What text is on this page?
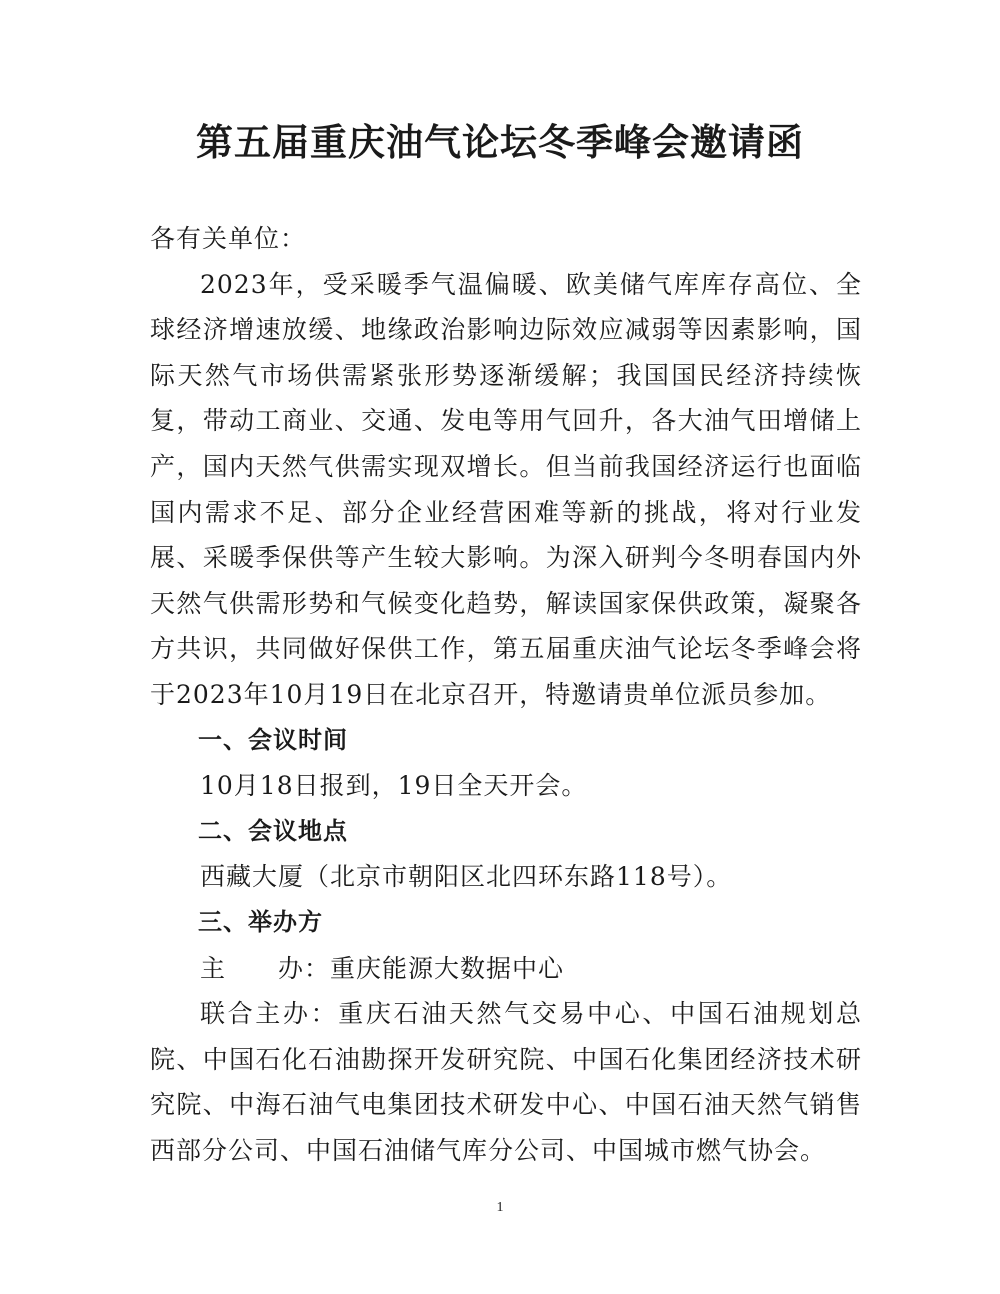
第五届重庆油气论坛冬季峰会邀请函

各有关单位：

2023年，受采暖季气温偏暖、欧美储气库库存高位、全球经济增速放缓、地缘政治影响边际效应减弱等因素影响，国际天然气市场供需紧张形势逐渐缓解；我国国民经济持续恢复，带动工商业、交通、发电等用气回升，各大油气田增储上产，国内天然气供需实现双增长。但当前我国经济运行也面临国内需求不足、部分企业经营困难等新的挑战，将对行业发展、采暖季保供等产生较大影响。为深入研判今冬明春国内外天然气供需形势和气候变化趋势，解读国家保供政策，凝聚各方共识，共同做好保供工作，第五届重庆油气论坛冬季峰会将于2023年10月19日在北京召开，特邀请贵单位派员参加。

一、会议时间

10月18日报到，19日全天开会。

二、会议地点

西藏大厦（北京市朝阳区北四环东路118号）。

三、举办方

主　　办：重庆能源大数据中心

联合主办：重庆石油天然气交易中心、中国石油规划总院、中国石化石油勘探开发研究院、中国石化集团经济技术研究院、中海石油气电集团技术研发中心、中国石油天然气销售西部分公司、中国石油储气库分公司、中国城市燃气协会。

1
